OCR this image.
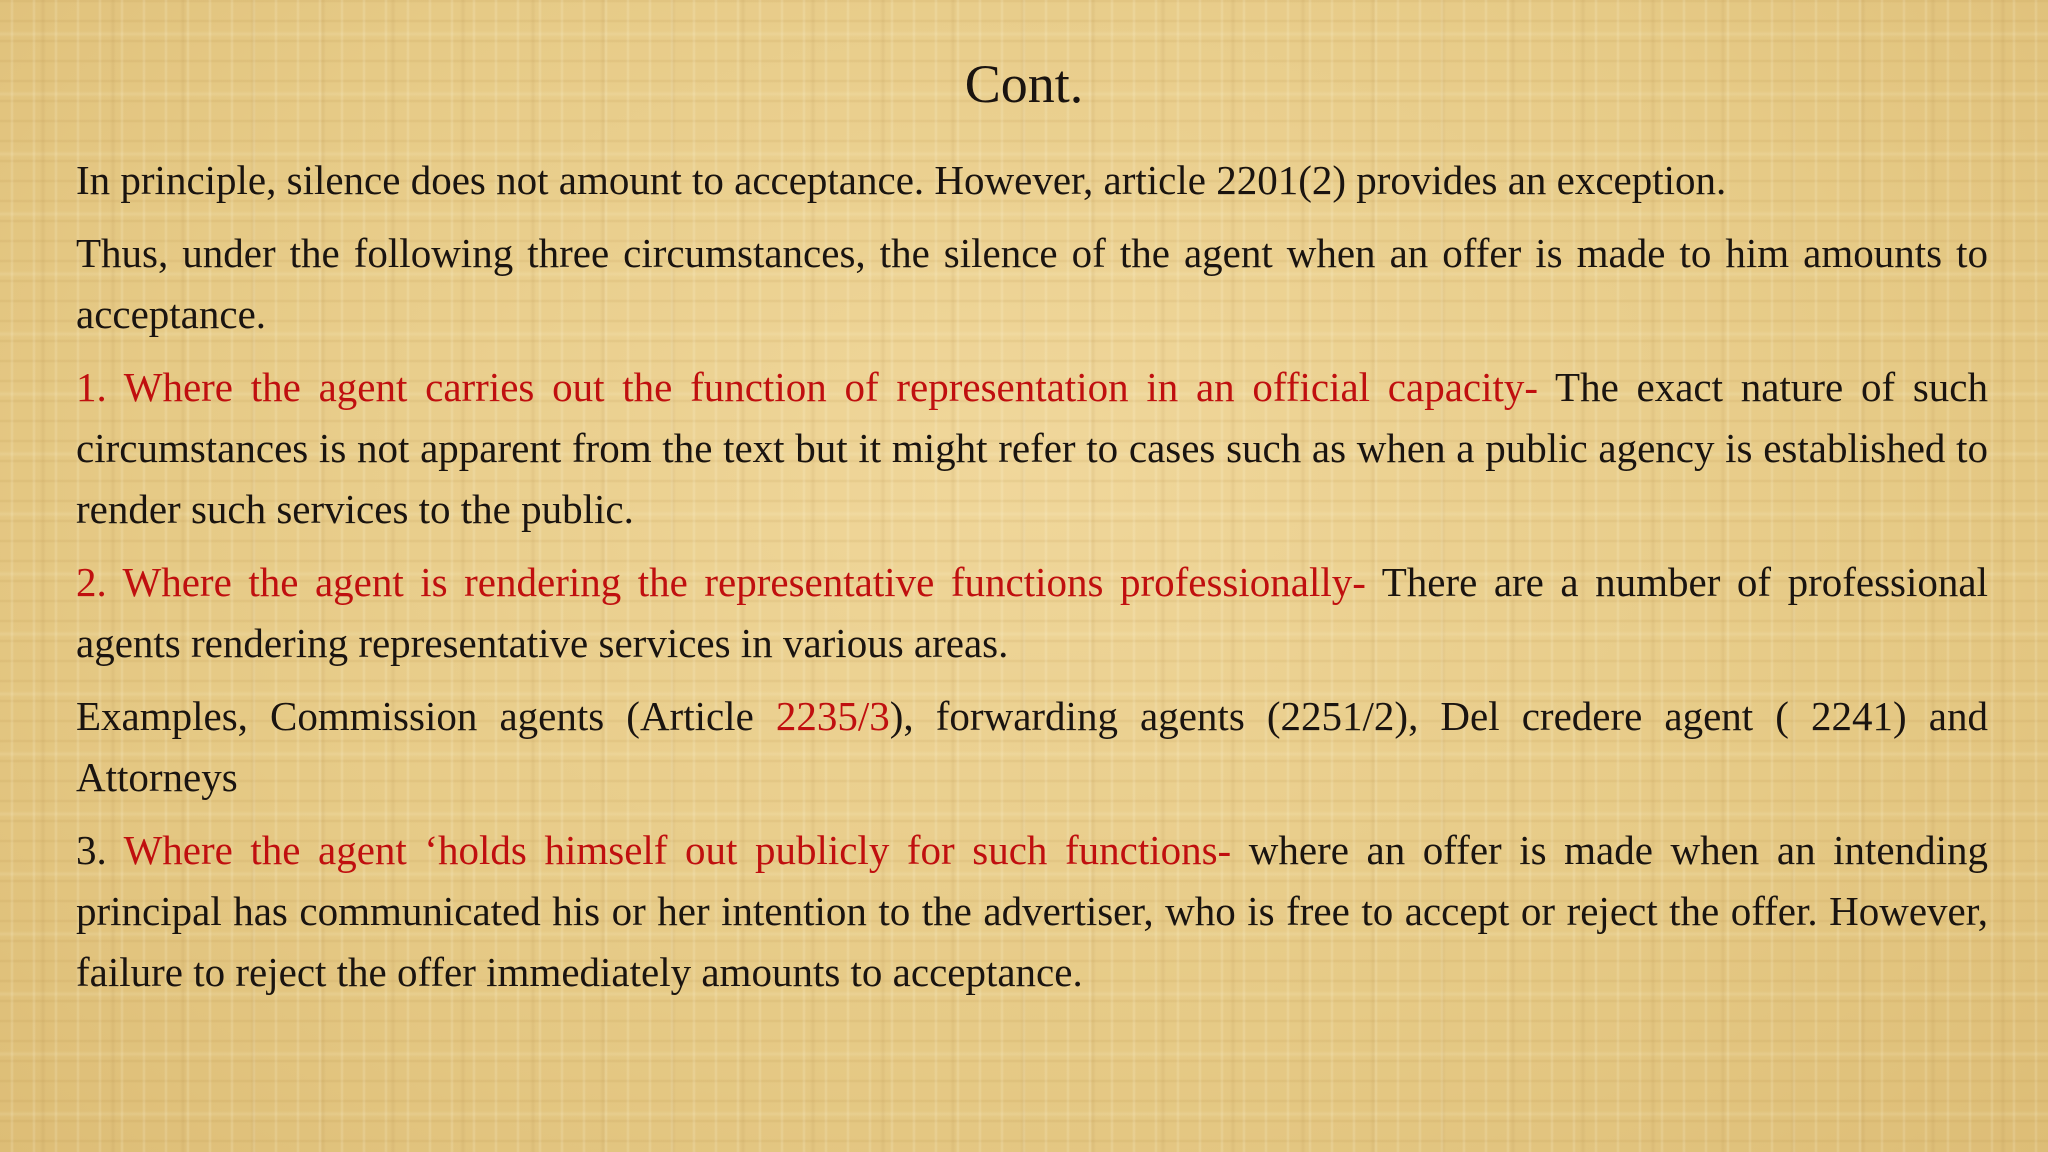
Cont.

In principle, silence does not amount to acceptance. However, article 2201(2) provides an exception.

Thus, under the following three circumstances, the silence of the agent when an offer is made to him amounts to acceptance.

1. Where the agent carries out the function of representation in an official capacity- The exact nature of such circumstances is not apparent from the text but it might refer to cases such as when a public agency is established to render such services to the public.

2. Where the agent is rendering the representative functions professionally- There are a number of professional agents rendering representative services in various areas.

Examples, Commission agents (Article 2235/3), forwarding agents (2251/2), Del credere agent ( 2241) and Attorneys

3. Where the agent ‘holds himself out publicly for such functions- where an offer is made when an intending principal has communicated his or her intention to the advertiser, who is free to accept or reject the offer. However, failure to reject the offer immediately amounts to acceptance.
